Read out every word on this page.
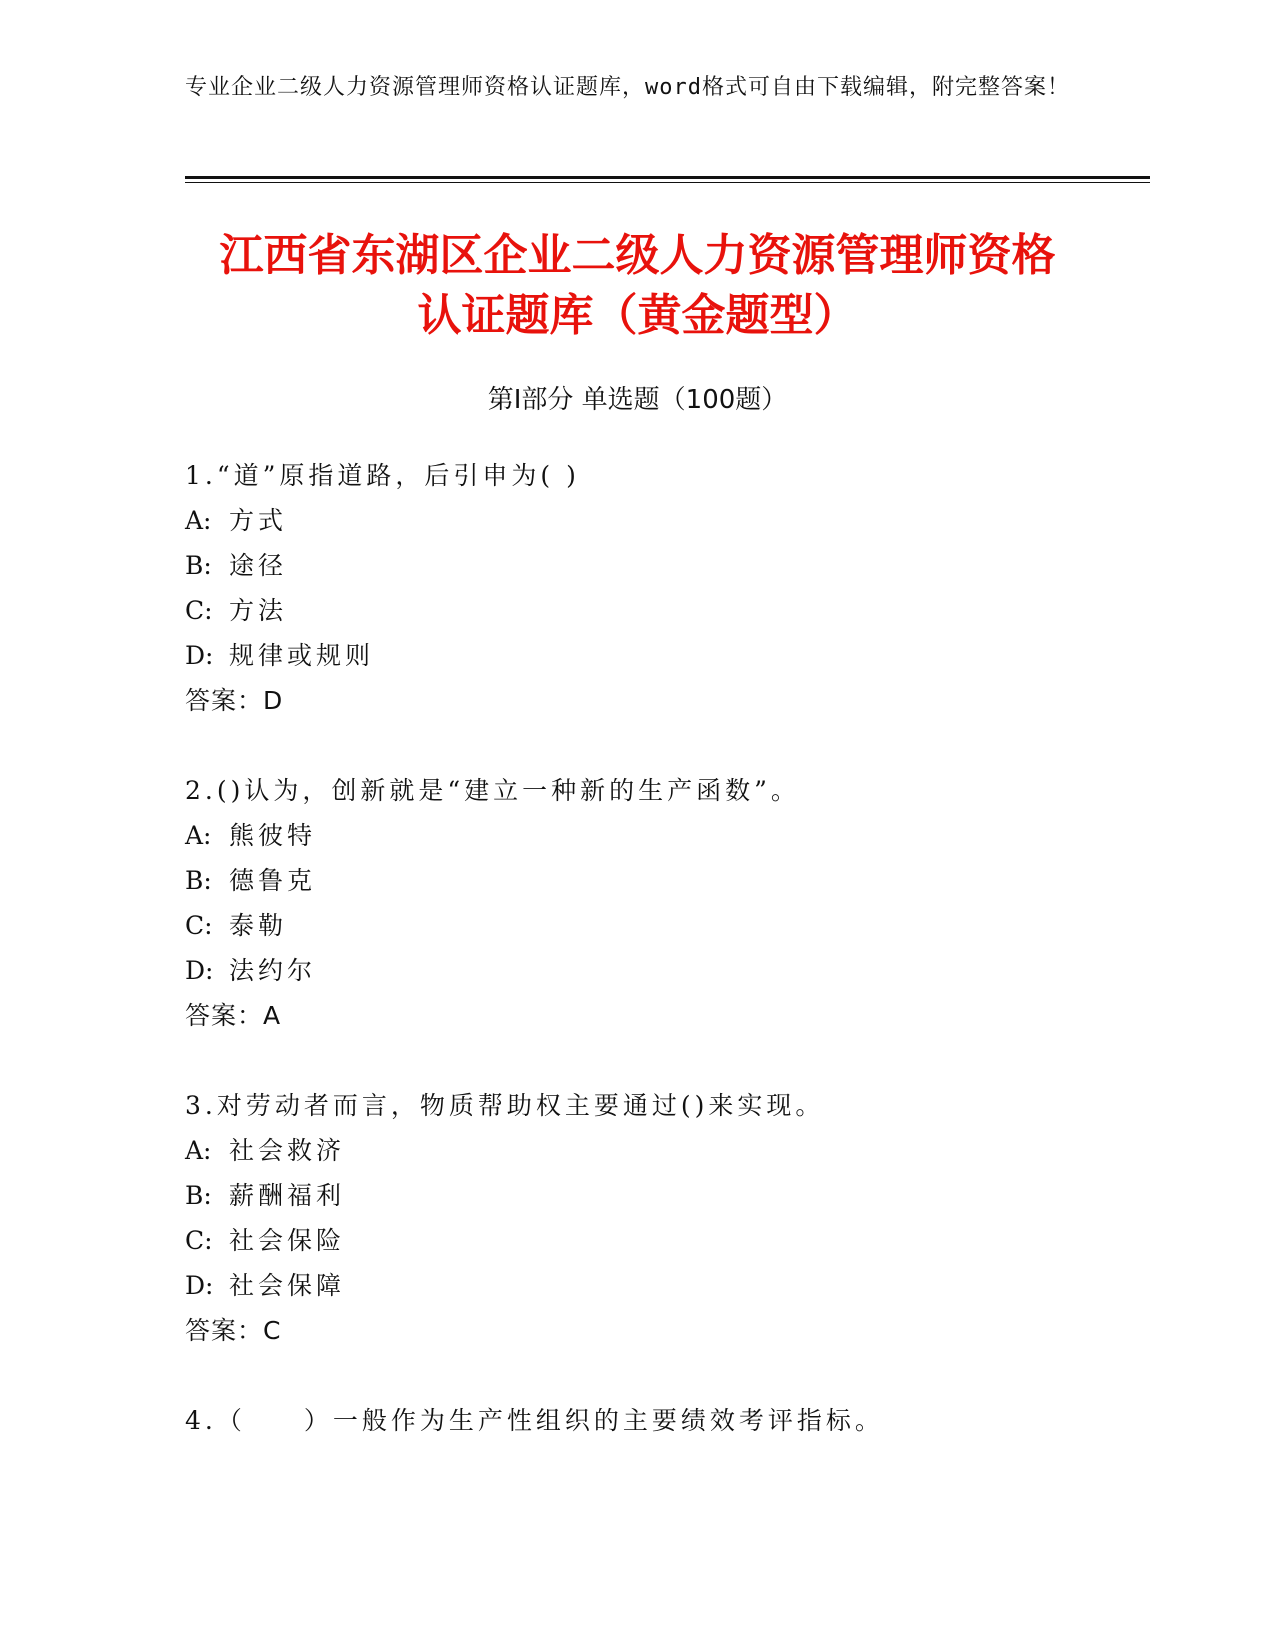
专业企业二级人力资源管理师资格认证题库，word格式可自由下载编辑，附完整答案！
江西省东湖区企业二级人力资源管理师资格
认证题库（黄金题型）
第I部分 单选题（100题）
1.“道”原指道路，后引申为( )
A: 方式
B: 途径
C: 方法
D: 规律或规则
答案：D
2.()认为，创新就是“建立一种新的生产函数”。
A: 熊彼特
B: 德鲁克
C: 泰勒
D: 法约尔
答案：A
3.对劳动者而言，物质帮助权主要通过()来实现。
A: 社会救济
B: 薪酬福利
C: 社会保险
D: 社会保障
答案：C
4.（　　）一般作为生产性组织的主要绩效考评指标。
